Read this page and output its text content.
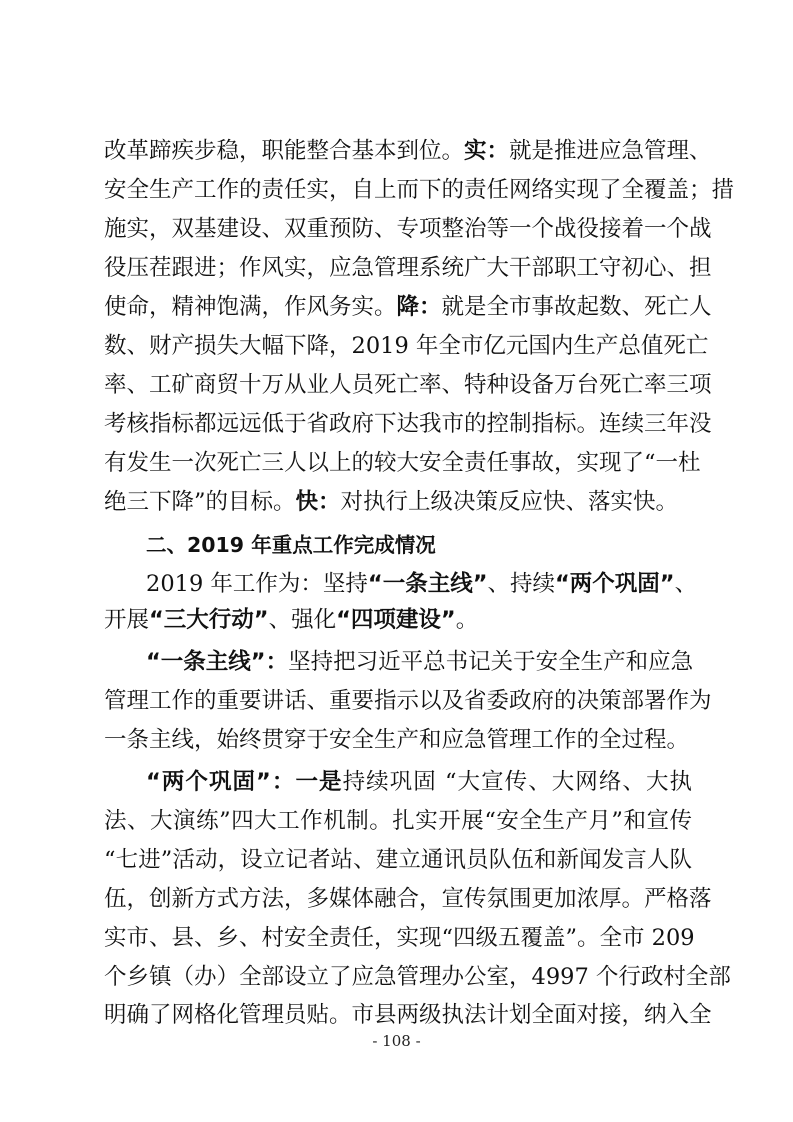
改革蹄疾步稳，职能整合基本到位。实：就是推进应急管理、
安全生产工作的责任实，自上而下的责任网络实现了全覆盖；措
施实，双基建设、双重预防、专项整治等一个战役接着一个战
役压茬跟进；作风实，应急管理系统广大干部职工守初心、担
使命，精神饱满，作风务实。降：就是全市事故起数、死亡人
数、财产损失大幅下降，2019 年全市亿元国内生产总值死亡
率、工矿商贸十万从业人员死亡率、特种设备万台死亡率三项
考核指标都远远低于省政府下达我市的控制指标。连续三年没
有发生一次死亡三人以上的较大安全责任事故，实现了“一杜
绝三下降”的目标。快：对执行上级决策反应快、落实快。
二、2019 年重点工作完成情况
2019 年工作为：坚持“一条主线”、持续“两个巩固”、
开展“三大行动”、强化“四项建设”。
“一条主线”：坚持把习近平总书记关于安全生产和应急
管理工作的重要讲话、重要指示以及省委政府的决策部署作为
一条主线，始终贯穿于安全生产和应急管理工作的全过程。
“两个巩固”：一是持续巩固 “大宣传、大网络、大执
法、大演练”四大工作机制。扎实开展“安全生产月”和宣传
“七进”活动，设立记者站、建立通讯员队伍和新闻发言人队
伍，创新方式方法，多媒体融合，宣传氛围更加浓厚。严格落
实市、县、乡、村安全责任，实现“四级五覆盖”。全市 209
个乡镇（办）全部设立了应急管理办公室，4997 个行政村全部
明确了网格化管理员贴。市县两级执法计划全面对接，纳入全
- 108 -
